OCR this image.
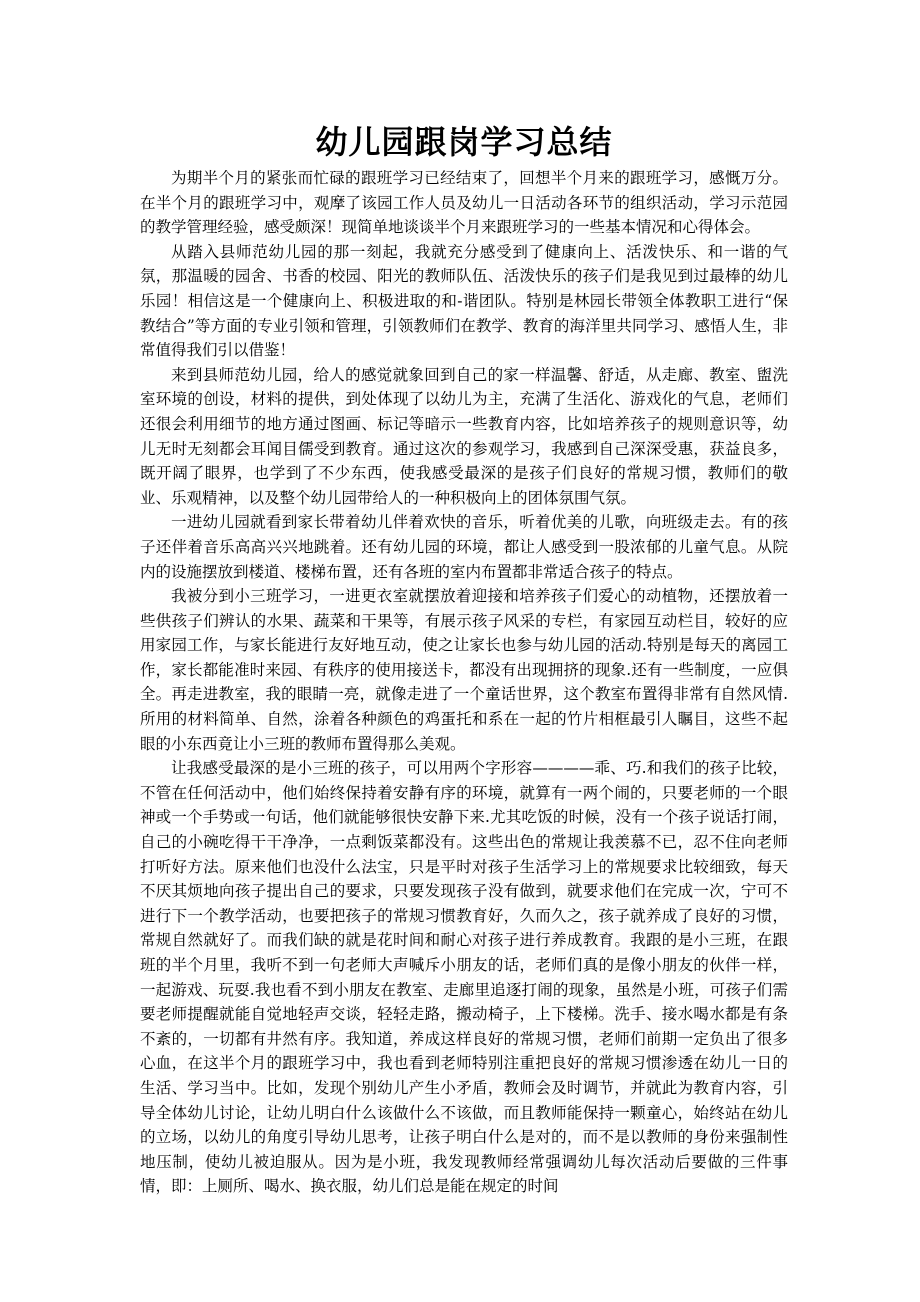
幼儿园跟岗学习总结

为期半个月的紧张而忙碌的跟班学习已经结束了，回想半个月来的跟班学习，感慨万分。在半个月的跟班学习中，观摩了该园工作人员及幼儿一日活动各环节的组织活动，学习示范园的教学管理经验，感受颇深！现简单地谈谈半个月来跟班学习的一些基本情况和心得体会。

从踏入县师范幼儿园的那一刻起，我就充分感受到了健康向上、活泼快乐、和一谐的气氛，那温暖的园舍、书香的校园、阳光的教师队伍、活泼快乐的孩子们是我见到过最棒的幼儿乐园！相信这是一个健康向上、积极进取的和-谐团队。特别是林园长带领全体教职工进行“保教结合”等方面的专业引领和管理，引领教师们在教学、教育的海洋里共同学习、感悟人生，非常值得我们引以借鉴！

来到县师范幼儿园，给人的感觉就象回到自己的家一样温馨、舒适，从走廊、教室、盥洗室环境的创设，材料的提供，到处体现了以幼儿为主，充满了生活化、游戏化的气息，老师们还很会利用细节的地方通过图画、标记等暗示一些教育内容，比如培养孩子的规则意识等，幼儿无时无刻都会耳闻目儒受到教育。通过这次的参观学习，我感到自己深深受惠，获益良多，既开阔了眼界，也学到了不少东西，使我感受最深的是孩子们良好的常规习惯，教师们的敬业、乐观精神，以及整个幼儿园带给人的一种积极向上的团体氛围气氛。

一进幼儿园就看到家长带着幼儿伴着欢快的音乐，听着优美的儿歌，向班级走去。有的孩子还伴着音乐高高兴兴地跳着。还有幼儿园的环境，都让人感受到一股浓郁的儿童气息。从院内的设施摆放到楼道、楼梯布置，还有各班的室内布置都非常适合孩子的特点。

我被分到小三班学习，一进更衣室就摆放着迎接和培养孩子们爱心的动植物，还摆放着一些供孩子们辨认的水果、蔬菜和干果等，有展示孩子风采的专栏，有家园互动栏目，较好的应用家园工作，与家长能进行友好地互动，使之让家长也参与幼儿园的活动.特别是每天的离园工作，家长都能准时来园、有秩序的使用接送卡，都没有出现拥挤的现象.还有一些制度，一应俱全。再走进教室，我的眼睛一亮，就像走进了一个童话世界，这个教室布置得非常有自然风情.所用的材料简单、自然，涂着各种颜色的鸡蛋托和系在一起的竹片相框最引人瞩目，这些不起眼的小东西竟让小三班的教师布置得那么美观。

让我感受最深的是小三班的孩子，可以用两个字形容————乖、巧.和我们的孩子比较，不管在任何活动中，他们始终保持着安静有序的环境，就算有一两个闹的，只要老师的一个眼神或一个手势或一句话，他们就能够很快安静下来.尤其吃饭的时候，没有一个孩子说话打闹，自己的小碗吃得干干净净，一点剩饭菜都没有。这些出色的常规让我羡慕不已，忍不住向老师打听好方法。原来他们也没什么法宝，只是平时对孩子生活学习上的常规要求比较细致，每天不厌其烦地向孩子提出自己的要求，只要发现孩子没有做到，就要求他们在完成一次，宁可不进行下一个教学活动，也要把孩子的常规习惯教育好，久而久之，孩子就养成了良好的习惯，常规自然就好了。而我们缺的就是花时间和耐心对孩子进行养成教育。我跟的是小三班，在跟班的半个月里，我听不到一句老师大声喊斥小朋友的话，老师们真的是像小朋友的伙伴一样，一起游戏、玩耍.我也看不到小朋友在教室、走廊里追逐打闹的现象，虽然是小班，可孩子们需要老师提醒就能自觉地轻声交谈，轻轻走路，搬动椅子，上下楼梯。洗手、接水喝水都是有条不紊的，一切都有井然有序。我知道，养成这样良好的常规习惯，老师们前期一定负出了很多心血，在这半个月的跟班学习中，我也看到老师特别注重把良好的常规习惯渗透在幼儿一日的生活、学习当中。比如，发现个别幼儿产生小矛盾，教师会及时调节，并就此为教育内容，引导全体幼儿讨论，让幼儿明白什么该做什么不该做，而且教师能保持一颗童心，始终站在幼儿的立场，以幼儿的角度引导幼儿思考，让孩子明白什么是对的，而不是以教师的身份来强制性地压制，使幼儿被迫服从。因为是小班，我发现教师经常强调幼儿每次活动后要做的三件事情，即：上厕所、喝水、换衣服，幼儿们总是能在规定的时间
